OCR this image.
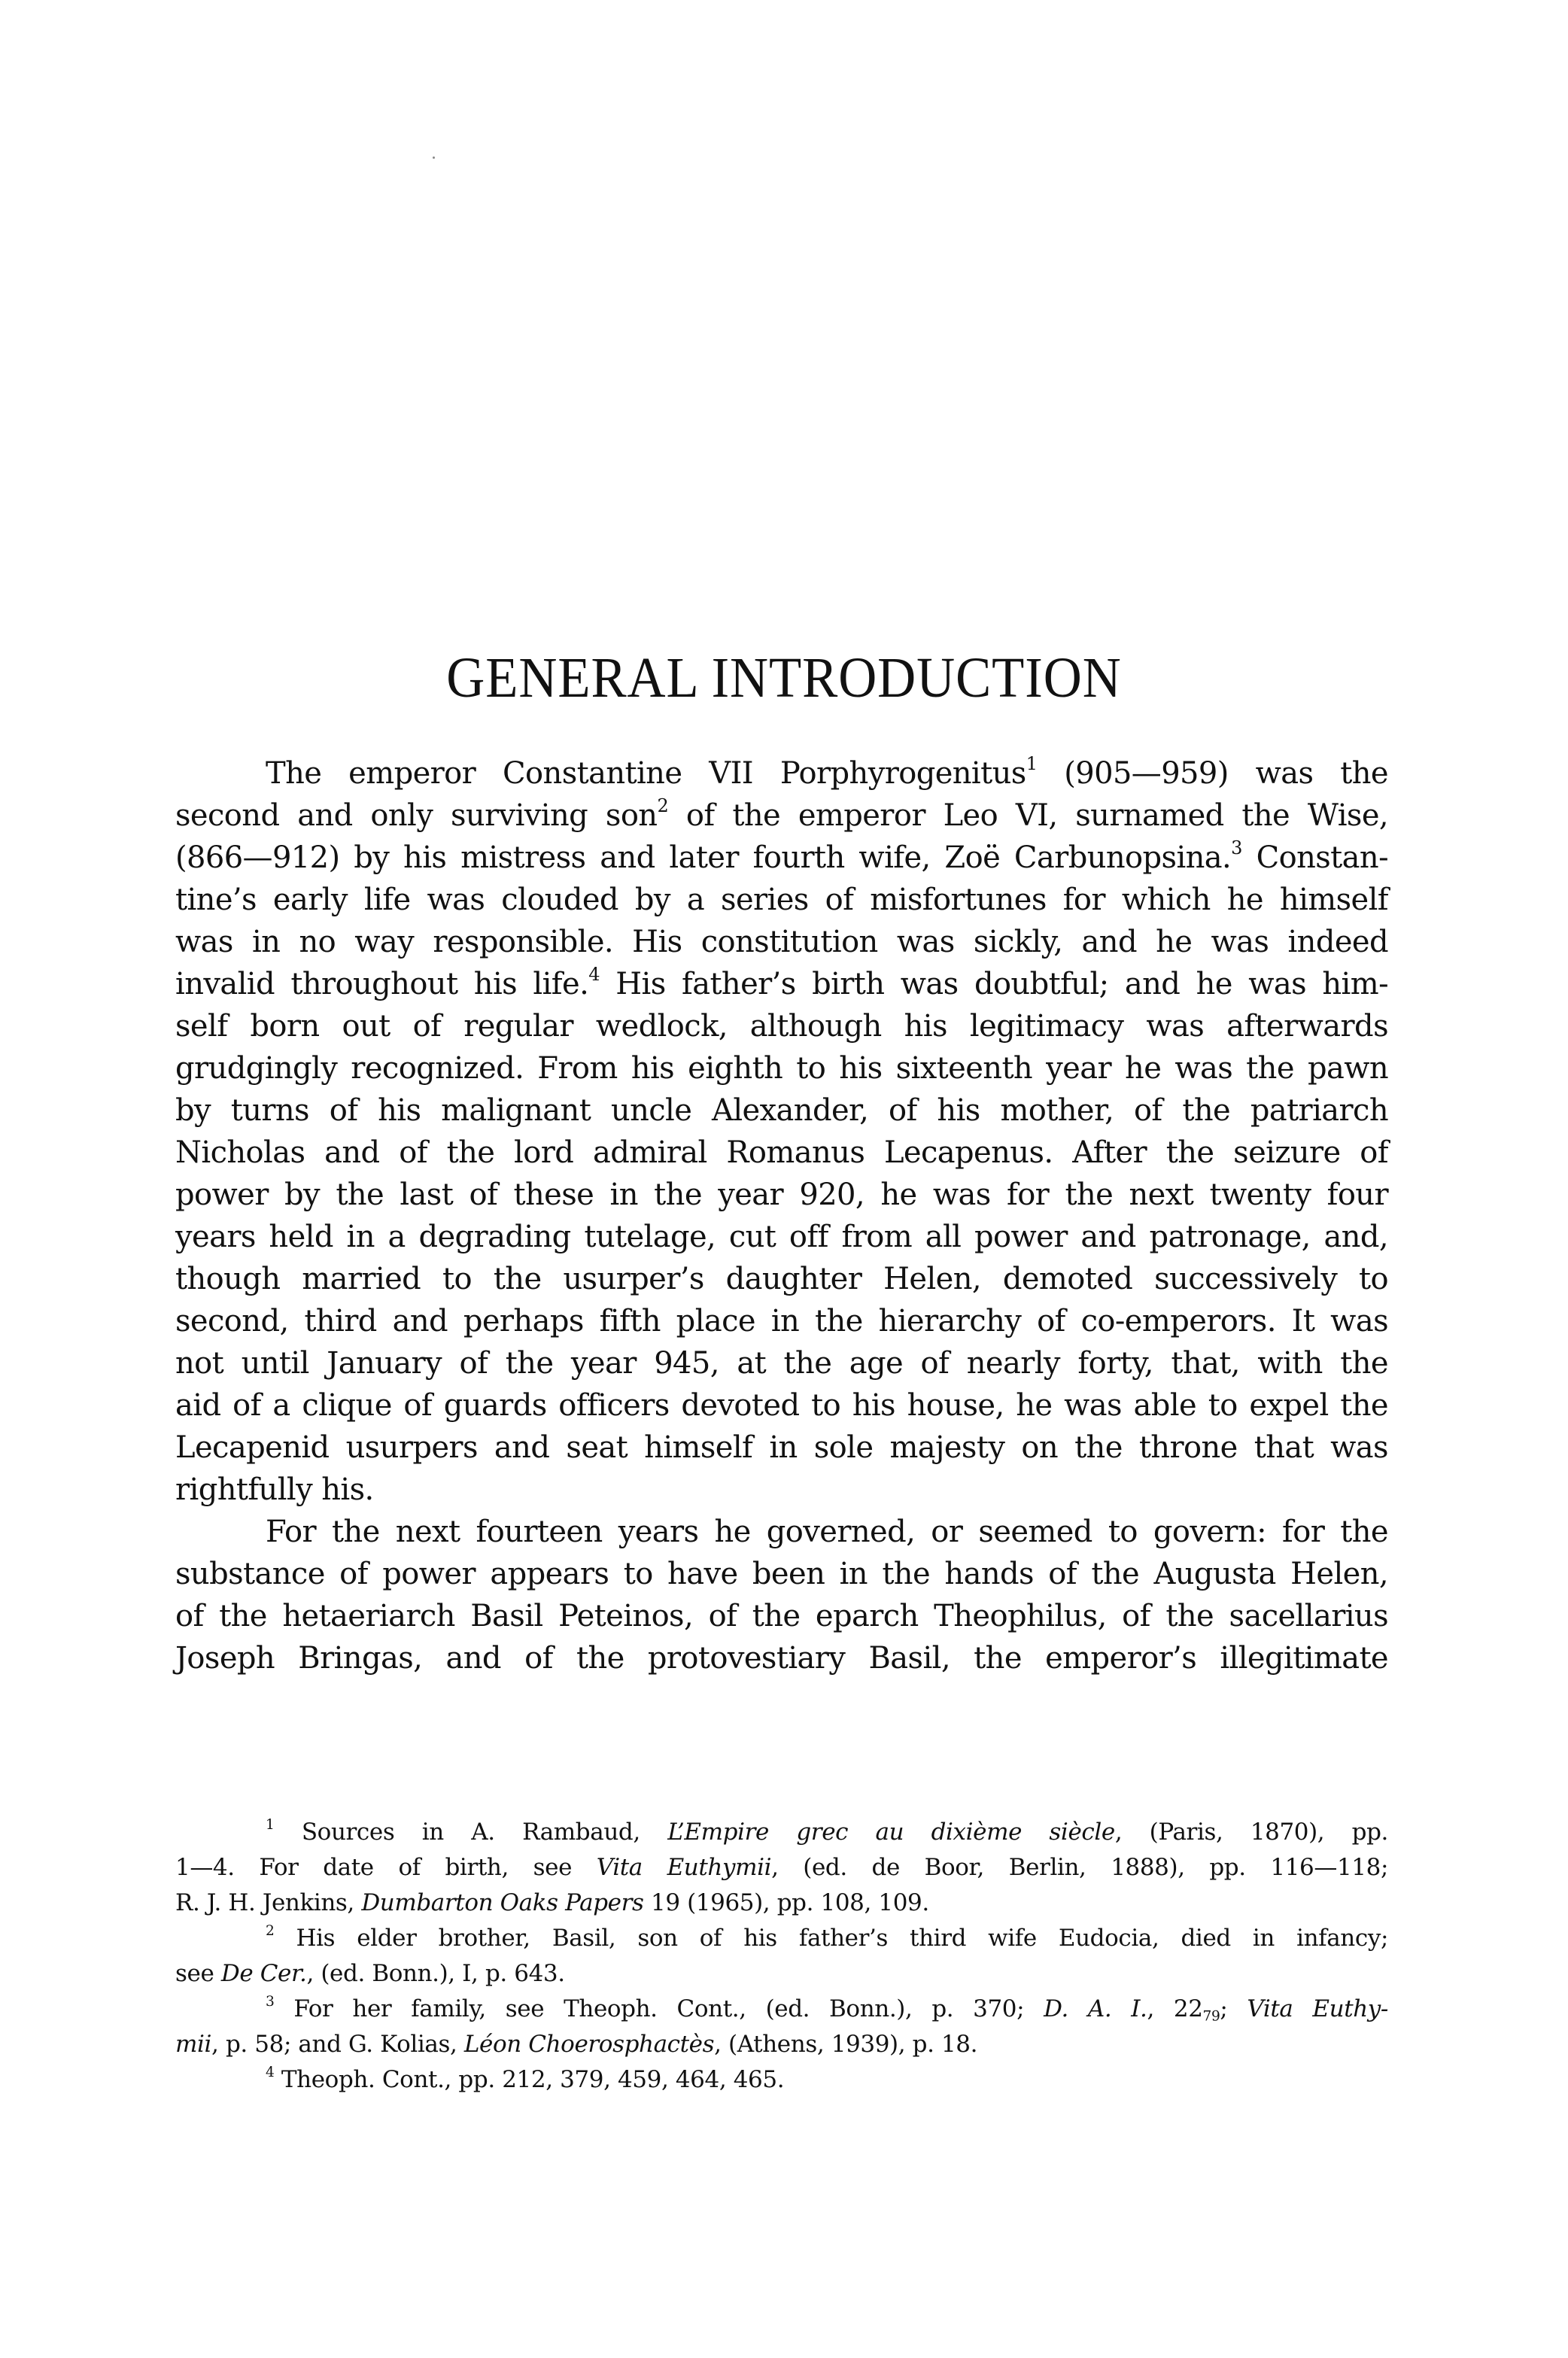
GENERAL INTRODUCTION
The emperor Constantine VII Porphyrogenitus$^1$ (905—959) was the
second and only surviving son$^2$ of the emperor Leo VI, surnamed the Wise,
(866—912) by his mistress and later fourth wife, Zoë Carbunopsina.$^3$ Constan-
tine’s early life was clouded by a series of misfortunes for which he himself
was in no way responsible. His constitution was sickly, and he was indeed
invalid throughout his life.$^4$ His father’s birth was doubtful; and he was him-
self born out of regular wedlock, although his legitimacy was afterwards
grudgingly recognized. From his eighth to his sixteenth year he was the pawn
by turns of his malignant uncle Alexander, of his mother, of the patriarch
Nicholas and of the lord admiral Romanus Lecapenus. After the seizure of
power by the last of these in the year 920, he was for the next twenty four
years held in a degrading tutelage, cut off from all power and patronage, and,
though married to the usurper’s daughter Helen, demoted successively to
second, third and perhaps fifth place in the hierarchy of co-emperors. It was
not until January of the year 945, at the age of nearly forty, that, with the
aid of a clique of guards officers devoted to his house, he was able to expel the
Lecapenid usurpers and seat himself in sole majesty on the throne that was
rightfully his.
For the next fourteen years he governed, or seemed to govern: for the
substance of power appears to have been in the hands of the Augusta Helen,
of the hetaeriarch Basil Peteinos, of the eparch Theophilus, of the sacellarius
Joseph Bringas, and of the protovestiary Basil, the emperor’s illegitimate
$^1$ Sources in A. Rambaud, L’Empire grec au dixième siècle, (Paris, 1870), pp.
1—4. For date of birth, see Vita Euthymii, (ed. de Boor, Berlin, 1888), pp. 116—118;
R. J. H. Jenkins, Dumbarton Oaks Papers 19 (1965), pp. 108, 109.
$^2$ His elder brother, Basil, son of his father’s third wife Eudocia, died in infancy;
see De Cer., (ed. Bonn.), I, p. 643.
$^3$ For her family, see Theoph. Cont., (ed. Bonn.), p. 370; D. A. I., $22_{79}$; Vita Euthy-
mii, p. 58; and G. Kolias, Léon Choerosphactès, (Athens, 1939), p. 18.
$^4$ Theoph. Cont., pp. 212, 379, 459, 464, 465.
